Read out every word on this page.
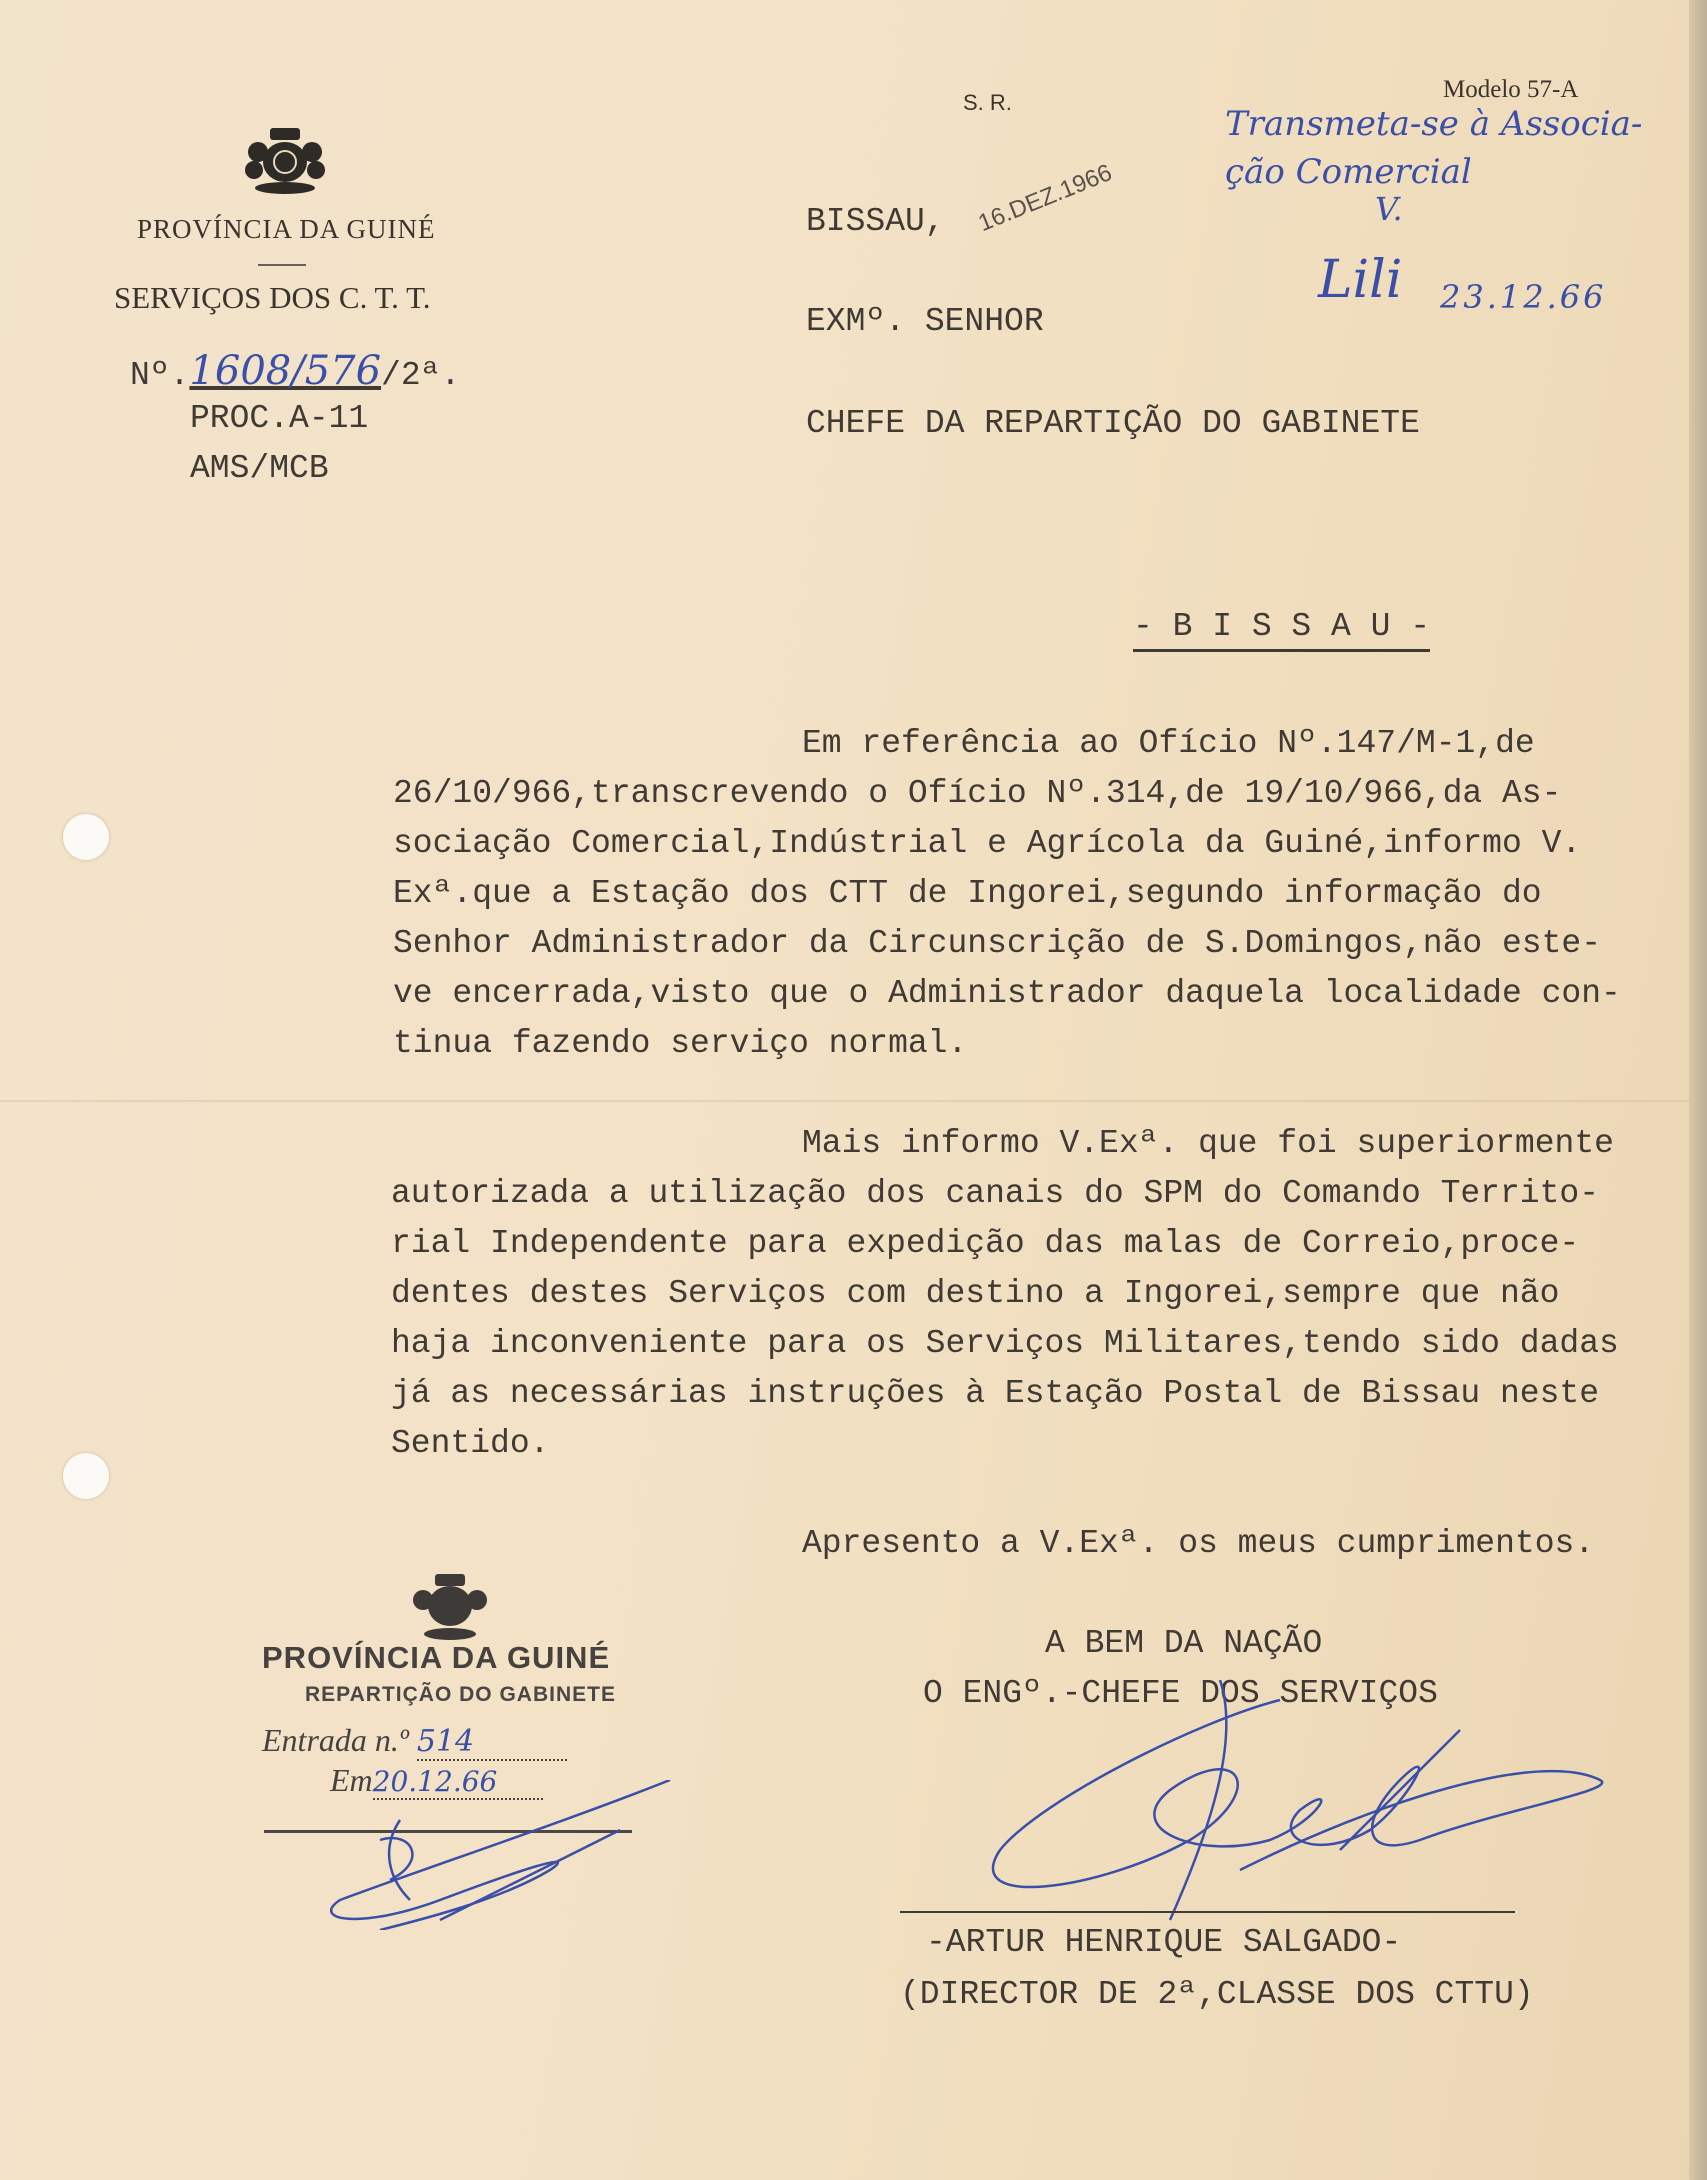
PROVÍNCIA DA GUINÉ
SERVIÇOS DOS C. T. T.
Nº.1608/576/2ª.
PROC.A-11
AMS/MCB
S. R.	Modelo 57-A
Transmeta-se à Associa-
ção Comercial
V.
Lili 23.12.66
BISSAU, 16.DEZ.1966
EXMº. SENHOR
CHEFE DA REPARTIÇÃO DO GABINETE
- B I S S A U -
Em referência ao Ofício Nº.147/M-1,de
26/10/966,transcrevendo o Ofício Nº.314,de 19/10/966,da As-
sociação Comercial,Indústrial e Agrícola da Guiné,informo V.
Exª.que a Estação dos CTT de Ingorei,segundo informação do
Senhor Administrador da Circunscrição de S.Domingos,não este-
ve encerrada,visto que o Administrador daquela localidade con-
tinua fazendo serviço normal.
Mais informo V.Exª. que foi superiormente
autorizada a utilização dos canais do SPM do Comando Territo-
rial Independente para expedição das malas de Correio,proce-
dentes destes Serviços com destino a Ingorei,sempre que não
haja inconveniente para os Serviços Militares,tendo sido dadas
já as necessárias instruções à Estação Postal de Bissau neste
Sentido.
Apresento a V.Exª. os meus cumprimentos.
A BEM DA NAÇÃO
O ENGº.-CHEFE DOS SERVIÇOS
-ARTUR HENRIQUE SALGADO-
(DIRECTOR DE 2ª,CLASSE DOS CTTU)
PROVÍNCIA DA GUINÉ
REPARTIÇÃO DO GABINETE
Entrada n.º 514
Em20.12.66
